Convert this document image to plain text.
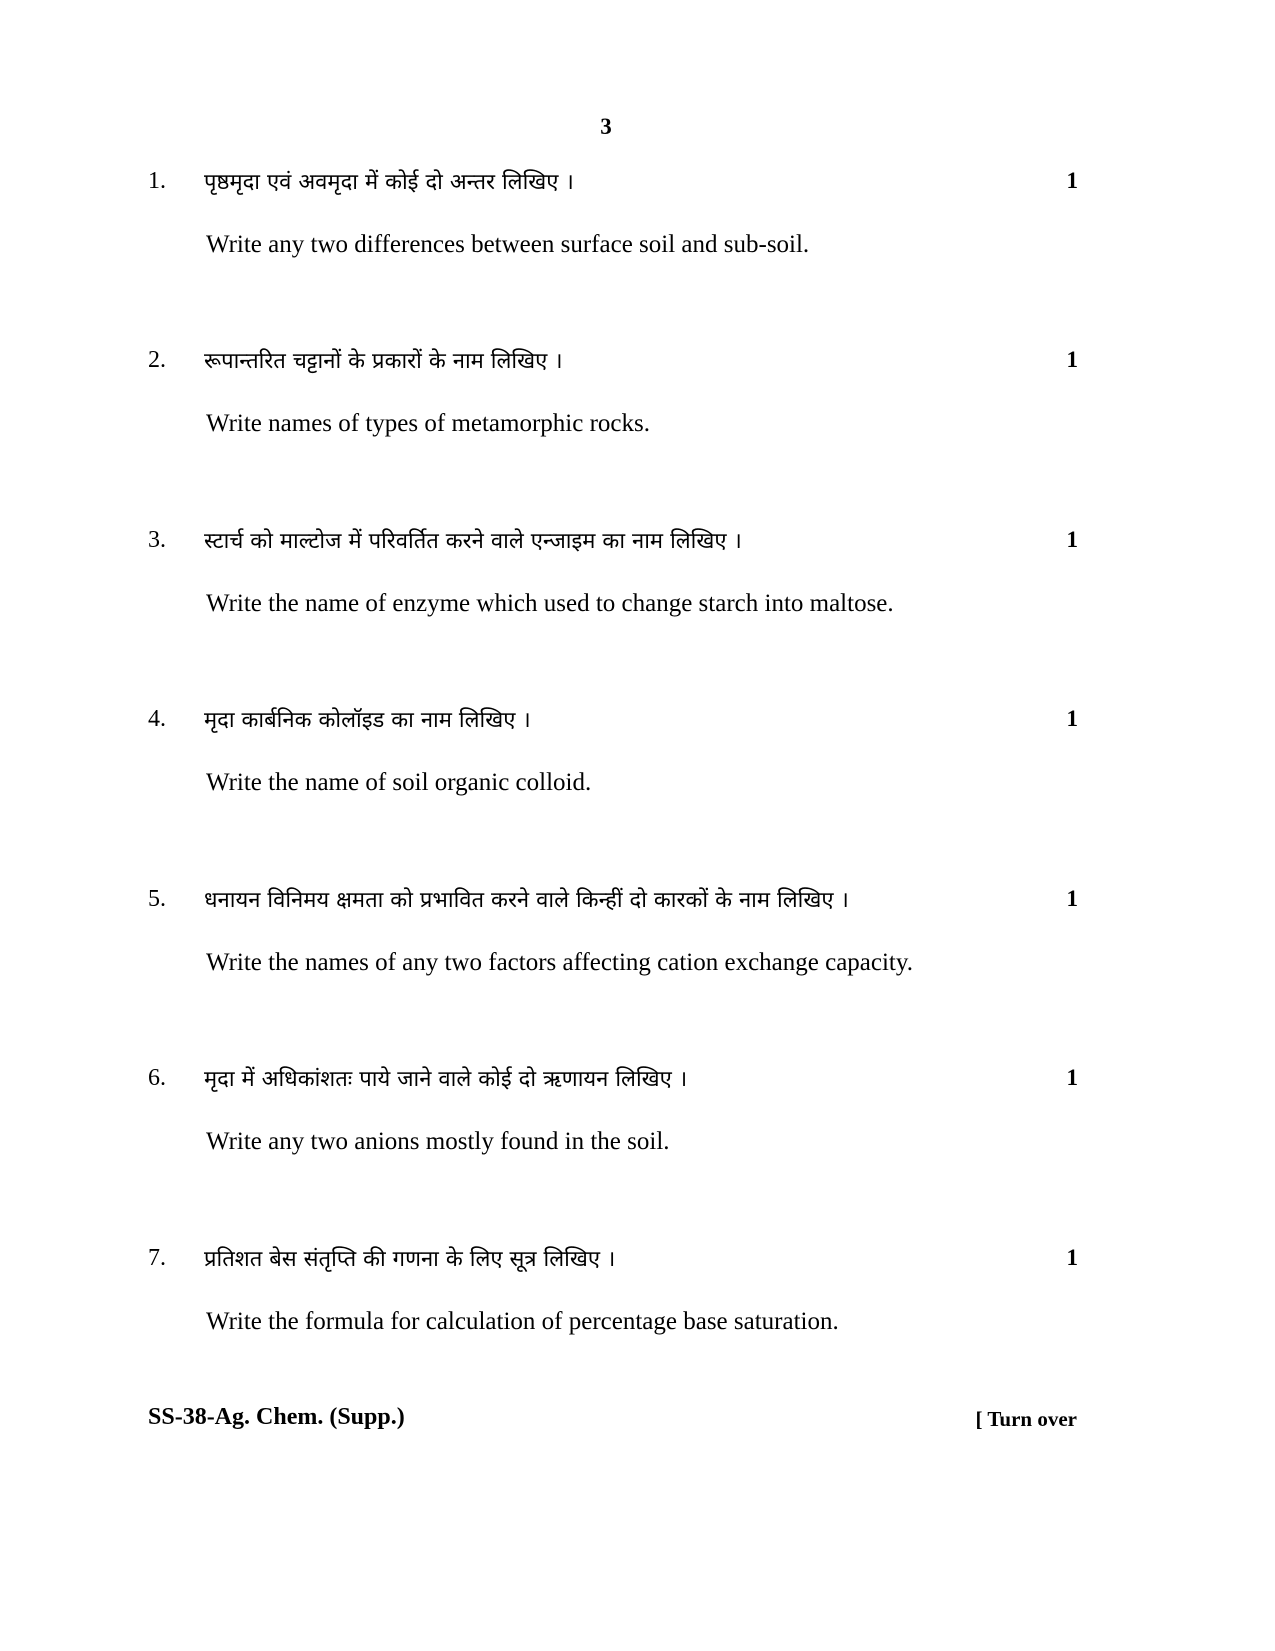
3
1. पृष्ठमृदा एवं अवमृदा में कोई दो अन्तर लिखिए ।	1
Write any two differences between surface soil and sub-soil.
2. रूपान्तरित चट्टानों के प्रकारों के नाम लिखिए ।	1
Write names of types of metamorphic rocks.
3. स्टार्च को माल्टोज में परिवर्तित करने वाले एन्जाइम का नाम लिखिए ।	1
Write the name of enzyme which used to change starch into maltose.
4. मृदा कार्बनिक कोलॉइड का नाम लिखिए ।	1
Write the name of soil organic colloid.
5. धनायन विनिमय क्षमता को प्रभावित करने वाले किन्हीं दो कारकों के नाम लिखिए ।	1
Write the names of any two factors affecting cation exchange capacity.
6. मृदा में अधिकांशतः पाये जाने वाले कोई दो ऋणायन लिखिए ।	1
Write any two anions mostly found in the soil.
7. प्रतिशत बेस संतृप्ति की गणना के लिए सूत्र लिखिए ।	1
Write the formula for calculation of percentage base saturation.
SS-38-Ag. Chem. (Supp.)	[ Turn over
